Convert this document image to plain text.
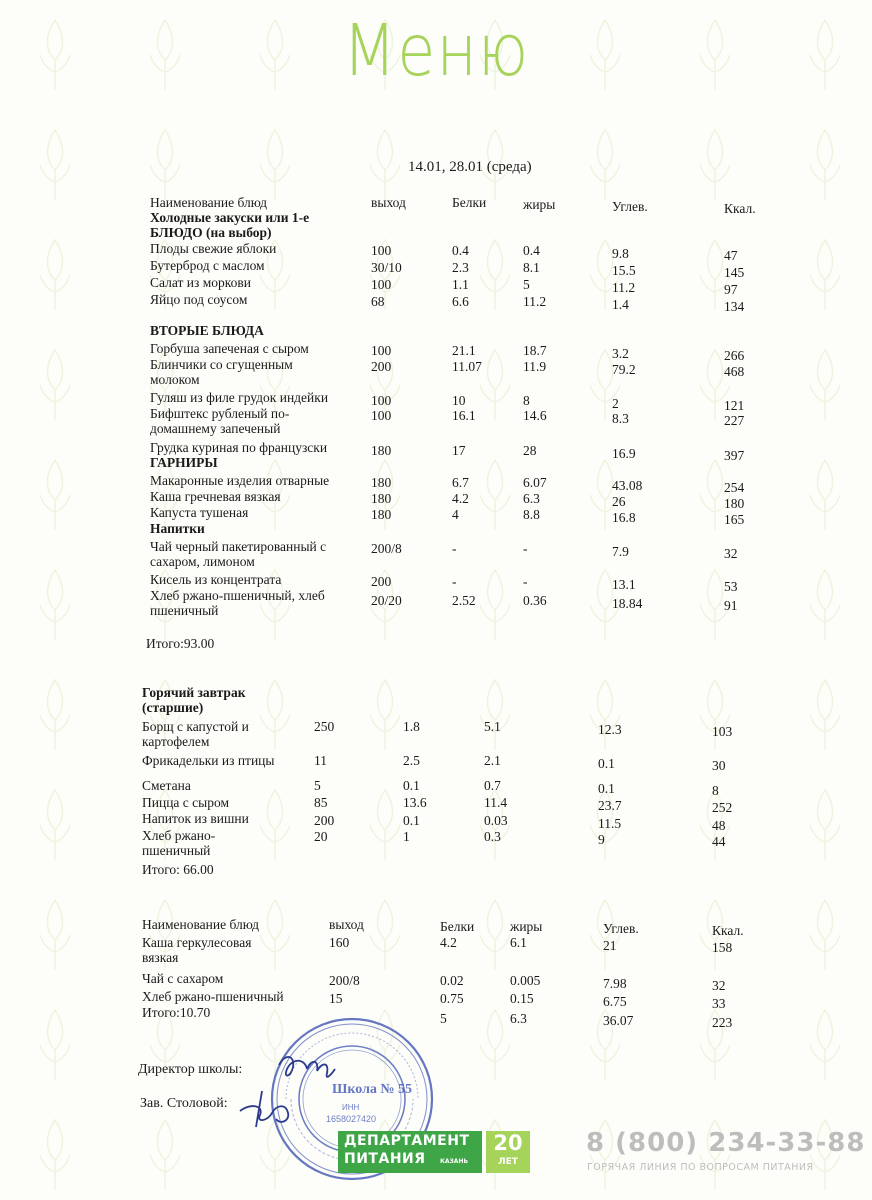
Меню
14.01, 28.01 (среда)
Наименование блюд	выход	Белки	жиры	Углев.	Ккал.
Холодные закуски или 1-е
БЛЮДО (на выбор)
Плоды свежие яблоки	100	0.4	0.4	9.8	47
Бутерброд с маслом	30/10	2.3	8.1	15.5	145
Салат из моркови	100	1.1	5	11.2	97
Яйцо под соусом	68	6.6	11.2	1.4	134
ВТОРЫЕ БЛЮДА
Горбуша запеченая с сыром	100	21.1	18.7	3.2	266
Блинчики со сгущенным
молоком
200	11.07	11.9	79.2	468
Гуляш из филе грудок индейки	100	10	8	2	121
Бифштекс рубленый по-
домашнему запеченый
100	16.1	14.6	8.3	227
Грудка куриная по французски	180	17	28	16.9	397
ГАРНИРЫ
Макаронные изделия отварные	180	6.7	6.07	43.08	254
Каша гречневая вязкая	180	4.2	6.3	26	180
Капуста тушеная	180	4	8.8	16.8	165
Напитки
Чай черный пакетированный с
сахаром, лимоном
200/8	-	-	7.9	32
Кисель из концентрата	200	-	-	13.1	53
Хлеб ржано-пшеничный, хлеб
пшеничный
20/20	2.52	0.36	18.84	91
Итого:93.00
Горячий завтрак
(старшие)
Борщ с капустой и
картофелем
250	1.8	5.1	12.3	103
Фрикадельки из птицы	11	2.5	2.1	0.1	30
Сметана	5	0.1	0.7	0.1	8
Пицца с сыром	85	13.6	11.4	23.7	252
Напиток из вишни	200	0.1	0.03	11.5	48
Хлеб ржано-
пшеничный
20	1	0.3	9	44
Итого: 66.00
Наименование блюд	выход	Белки	жиры	Углев.	Ккал.
Каша геркулесовая
вязкая
160	4.2	6.1	21	158
Чай с сахаром	200/8	0.02	0.005	7.98	32
Хлеб ржано-пшеничный	15	0.75	0.15	6.75	33
Итого:10.70	5	6.3	36.07	223
Школа № 55
ИНН
1658027420
Директор школы:
Зав. Столовой:
ДЕПАРТАМЕНТ
ПИТАНИЯ КАЗАНЬ
20
ЛЕТ
8 (800) 234-33-88
ГОРЯЧАЯ ЛИНИЯ ПО ВОПРОСАМ ПИТАНИЯ
